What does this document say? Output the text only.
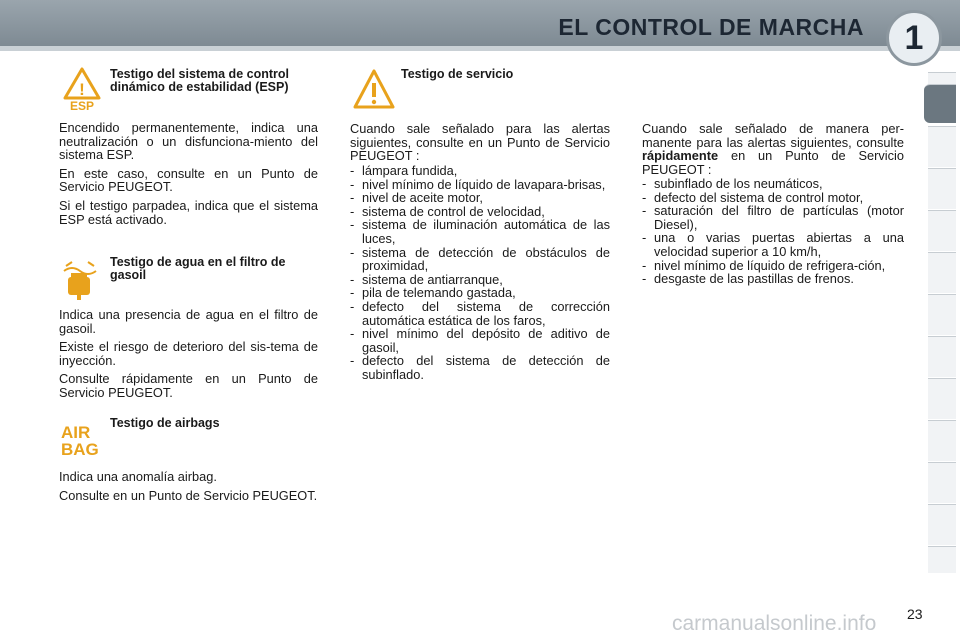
EL CONTROL DE MARCHA	1
!
ESP
Testigo del sistema de control dinámico de estabilidad (ESP)

Encendido permanentemente, indica una neutralización o un disfunciona-miento del sistema ESP.

En este caso, consulte en un Punto de Servicio PEUGEOT.

Si el testigo parpadea, indica que el sistema ESP está activado.

Testigo de agua en el filtro de gasoil

Indica una presencia de agua en el filtro de gasoil.

Existe el riesgo de deterioro del sis-tema de inyección.

Consulte rápidamente en un Punto de Servicio PEUGEOT.

AIR
BAG
Testigo de airbags

Indica una anomalía airbag.

Consulte en un Punto de Servicio PEUGEOT.

Testigo de servicio
Cuando sale señalado para las alertas siguientes, consulte en un Punto de Servicio PEUGEOT :
- lámpara fundida,
- nivel mínimo de líquido de lavapara-brisas,
- nivel de aceite motor,
- sistema de control de velocidad,
- sistema de iluminación automática de las luces,
- sistema de detección de obstáculos de proximidad,
- sistema de antiarranque,
- pila de telemando gastada,
- defecto del sistema de corrección automática estática de los faros,
- nivel mínimo del depósito de aditivo de gasoil,
- defecto del sistema de detección de subinflado.
Cuando sale señalado de manera per-manente para las alertas siguientes, consulte rápidamente en un Punto de Servicio PEUGEOT :
- subinflado de los neumáticos,
- defecto del sistema de control motor,
- saturación del filtro de partículas (motor Diesel),
- una o varias puertas abiertas a una velocidad superior a 10 km/h,
- nivel mínimo de líquido de refrigera-ción,
- desgaste de las pastillas de frenos.
23
carmanualsonline.info
